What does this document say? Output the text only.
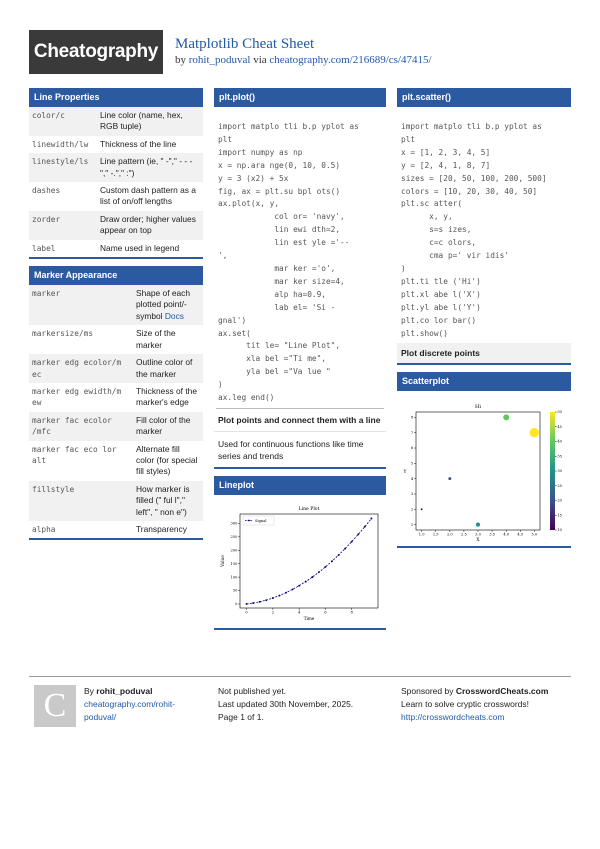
Cheatography Matplotlib Cheat Sheet
by rohit_poduval via cheatography.com/216689/cs/47415/
Line Properties
color/c	Line color (name, hex, RGB tuple)
linewidth/lw	Thickness of the line
linestyle/ls	Line pattern (ie, " -"," - - -"," -."," :")
dashes	Custom dash pattern as a list of on/off lengths
zorder	Draw order; higher values appear on top
label	Name used in legend
Marker Appearance
marker	Shape of each plotted point/-symbol Docs
markersize/ms	Size of the marker
marker edg ecolor/m ec	Outline color of the marker
marker edg ewidth/m ew	Thickness of the marker's edge
marker fac ecolor /mfc	Fill color of the marker
marker fac eco lor alt	Alternate fill color (for special fill styles)
fillstyle	How marker is filled (" ful l"," left", " non e")
alpha	Transparency
plt.plot()
import matplo tli b.p yplot as
plt
import numpy as np
x = np.ara nge(0, 10, 0.5)
y = 3 (x2) + 5x
fig, ax = plt.su bpl ots()
ax.plot(x, y,
col or= 'navy',
lin ewi dth=2,
lin est yle ='--
',
mar ker ='o',
mar ker size=4,
alp ha=0.9,
lab el= 'Si -
gnal')
ax.set(
tit le= "Line Plot",
xla bel ="Ti me",
yla bel ="Va lue "
)
ax.leg end()
Plot points and connect them with a line
Used for continuous functions like time series and trends
Lineplot
0	2	4	6	8
0
50
100
150
200
250
300
Line Plot
Time
Value
Signal
plt.scatter()
import matplo tli b.p yplot as
plt
x = [1, 2, 3, 4, 5]
y = [2, 4, 1, 8, 7]
sizes = [20, 50, 100, 200, 500]
colors = [10, 20, 30, 40, 50]
plt.sc atter(
x, y,
s=s izes,
c=c olors,
cma p=' vir idis'
)
plt.ti tle ('Hi')
plt.xl abe l('X')
plt.yl abe l('Y')
plt.co lor bar()
plt.show()
Plot discrete points
Scatterplot
1.0 1.5 2.0 2.5 3.0 3.5 4.0 4.5 5.0
1
2
3
4
5
6
7
8
10
15
20
25
30
35
40
45
50
Hi
X
Y
C	By rohit_poduval
cheatography.com/rohit-
poduval/
Not published yet.
Last updated 30th November, 2025.
Page 1 of 1.
Sponsored by CrosswordCheats.com
Learn to solve cryptic crosswords!
http://crosswordcheats.com
